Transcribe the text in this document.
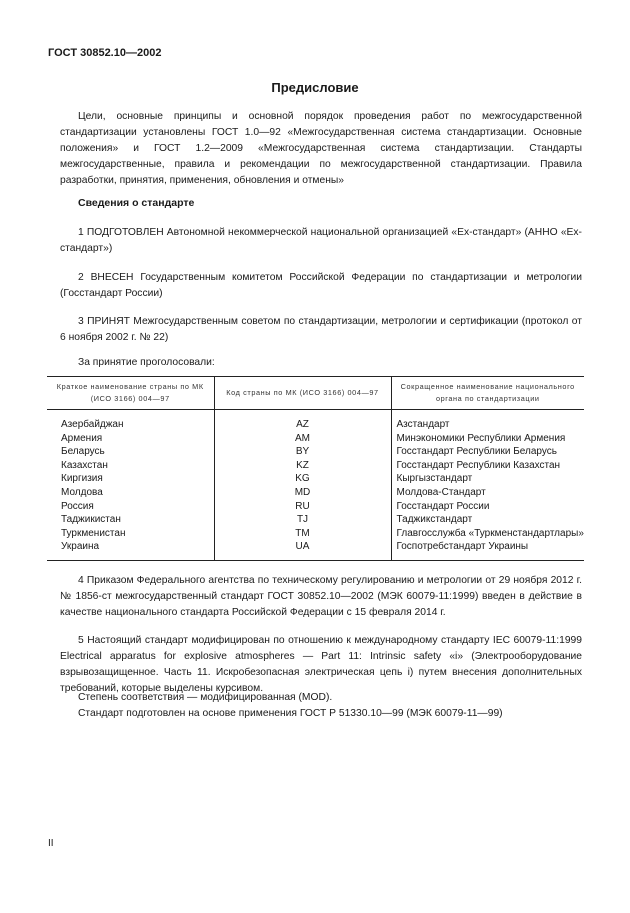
ГОСТ 30852.10—2002
Предисловие
Цели, основные принципы и основной порядок проведения работ по межгосударственной стандартизации установлены ГОСТ 1.0—92 «Межгосударственная система стандартизации. Основные положения» и ГОСТ 1.2—2009 «Межгосударственная система стандартизации. Стандарты межгосударственные, правила и рекомендации по межгосударственной стандартизации. Правила разработки, принятия, применения, обновления и отмены»
Сведения о стандарте
1 ПОДГОТОВЛЕН Автономной некоммерческой национальной организацией «Ех-стандарт» (АННО «Ех-стандарт»)
2 ВНЕСЕН Государственным комитетом Российской Федерации по стандартизации и метрологии (Госстандарт России)
3 ПРИНЯТ Межгосударственным советом по стандартизации, метрологии и сертификации (протокол от 6 ноября 2002 г. № 22)
За принятие проголосовали:
Краткое наименование страны по МК (ИСО 3166) 004—97	Код страны по МК (ИСО 3166) 004—97	Сокращенное наименование национального органа по стандартизации

Азербайджан	AZ	Азстандарт
Армения	AM	Минэкономики Республики Армения
Беларусь	BY	Госстандарт Республики Беларусь
Казахстан	KZ	Госстандарт Республики Казахстан
Киргизия	KG	Кыргызстандарт
Молдова	MD	Молдова-Стандарт
Россия	RU	Госстандарт России
Таджикистан	TJ	Таджикстандарт
Туркменистан	TM	Главгосслужба «Туркменстандартлары»
Украина	UA	Госпотребстандарт Украины
4 Приказом Федерального агентства по техническому регулированию и метрологии от 29 ноября 2012 г. № 1856-ст межгосударственный стандарт ГОСТ 30852.10—2002 (МЭК 60079-11:1999) введен в действие в качестве национального стандарта Российской Федерации с 15 февраля 2014 г.
5 Настоящий стандарт модифицирован по отношению к международному стандарту IEC 60079-11:1999 Electrical apparatus for explosive atmospheres — Part 11: Intrinsic safety «i» (Электрооборудование взрывозащищенное. Часть 11. Искробезопасная электрическая цепь i) путем внесения дополнительных требований, которые выделены курсивом.
Степень соответствия — модифицированная (MOD).
Стандарт подготовлен на основе применения ГОСТ Р 51330.10—99 (МЭК 60079-11—99)
II
